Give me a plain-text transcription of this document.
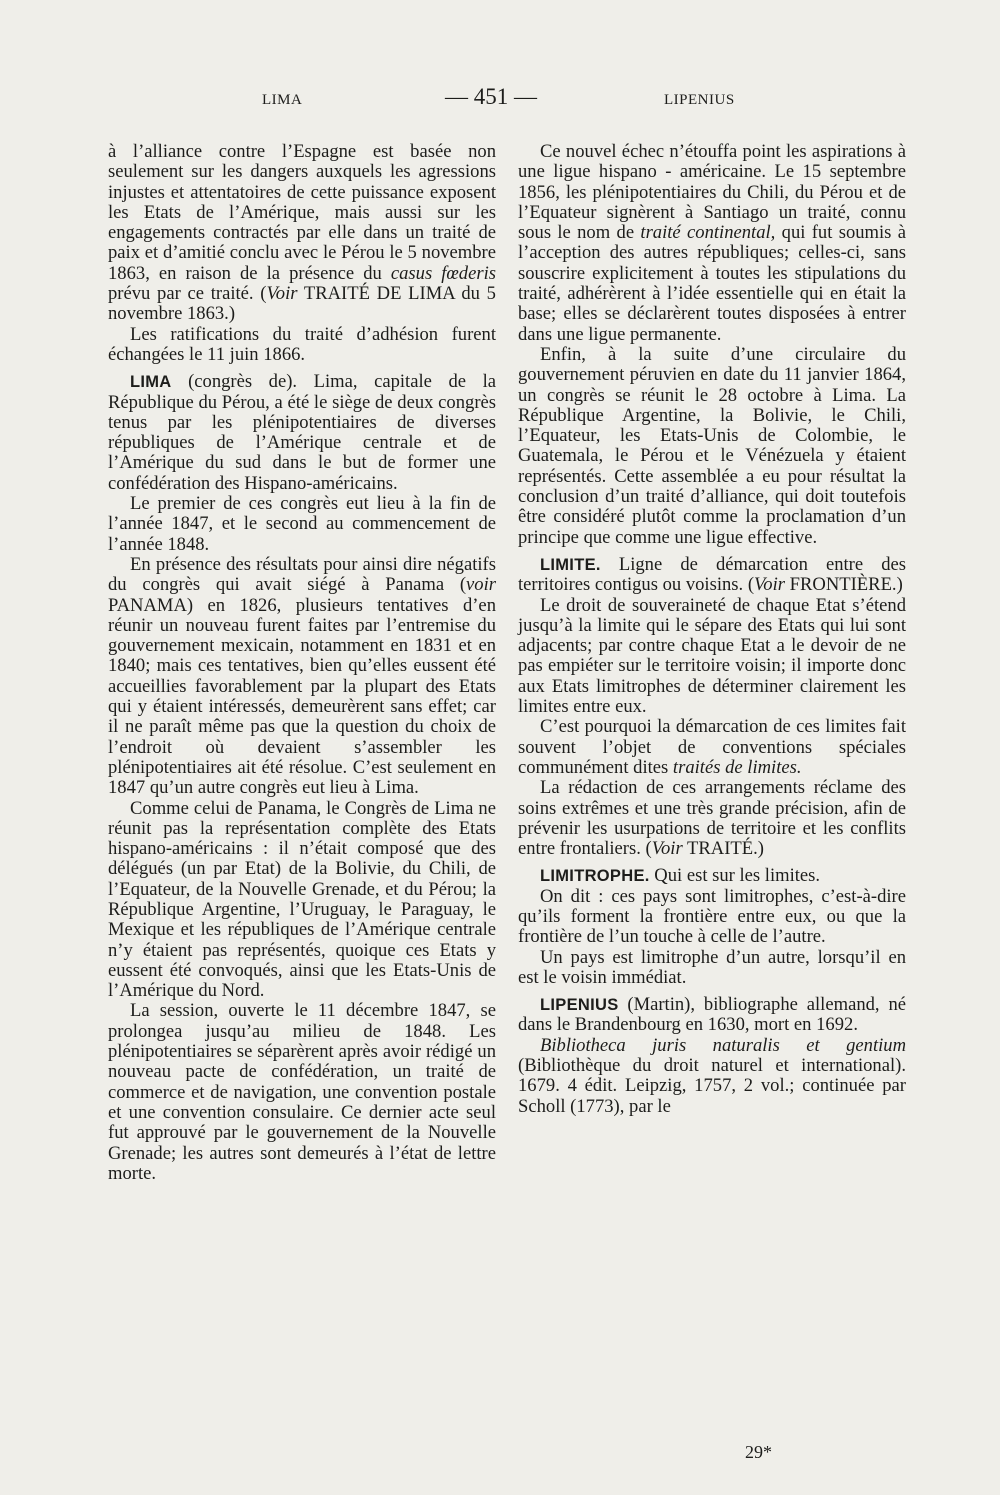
LIMA	— 451 —	LIPENIUS

à l’alliance contre l’Espagne est basée non seulement sur les dangers auxquels les agressions injustes et attentatoires de cette puissance exposent les Etats de l’Amérique, mais aussi sur les engagements contractés par elle dans un traité de paix et d’amitié conclu avec le Pérou le 5 novembre 1863, en raison de la présence du casus fœderis prévu par ce traité. (Voir TRAITÉ DE LIMA du 5 novembre 1863.)

Les ratifications du traité d’adhésion furent échangées le 11 juin 1866.

LIMA (congrès de). Lima, capitale de la République du Pérou, a été le siège de deux congrès tenus par les plénipotentiaires de diverses républiques de l’Amérique centrale et de l’Amérique du sud dans le but de former une confédération des Hispano-américains.

Le premier de ces congrès eut lieu à la fin de l’année 1847, et le second au commencement de l’année 1848.

En présence des résultats pour ainsi dire négatifs du congrès qui avait siégé à Panama (voir PANAMA) en 1826, plusieurs tentatives d’en réunir un nouveau furent faites par l’entremise du gouvernement mexicain, notamment en 1831 et en 1840; mais ces tentatives, bien qu’elles eussent été accueillies favorablement par la plupart des Etats qui y étaient intéressés, demeurèrent sans effet; car il ne paraît même pas que la question du choix de l’endroit où devaient s’assembler les plénipotentiaires ait été résolue. C’est seulement en 1847 qu’un autre congrès eut lieu à Lima.

Comme celui de Panama, le Congrès de Lima ne réunit pas la représentation complète des Etats hispano-américains : il n’était composé que des délégués (un par Etat) de la Bolivie, du Chili, de l’Equateur, de la Nouvelle Grenade, et du Pérou; la République Argentine, l’Uruguay, le Paraguay, le Mexique et les républiques de l’Amérique centrale n’y étaient pas représentés, quoique ces Etats y eussent été convoqués, ainsi que les Etats-Unis de l’Amérique du Nord.

La session, ouverte le 11 décembre 1847, se prolongea jusqu’au milieu de 1848. Les plénipotentiaires se séparèrent après avoir rédigé un nouveau pacte de confédération, un traité de commerce et de navigation, une convention postale et une convention consulaire. Ce dernier acte seul fut approuvé par le gouvernement de la Nouvelle Grenade; les autres sont demeurés à l’état de lettre morte.

Ce nouvel échec n’étouffa point les aspirations à une ligue hispano - américaine. Le 15 septembre 1856, les plénipotentiaires du Chili, du Pérou et de l’Equateur signèrent à Santiago un traité, connu sous le nom de traité continental, qui fut soumis à l’acception des autres républiques; celles-ci, sans souscrire explicitement à toutes les stipulations du traité, adhérèrent à l’idée essentielle qui en était la base; elles se déclarèrent toutes disposées à entrer dans une ligue permanente.

Enfin, à la suite d’une circulaire du gouvernement péruvien en date du 11 janvier 1864, un congrès se réunit le 28 octobre à Lima. La République Argentine, la Bolivie, le Chili, l’Equateur, les Etats-Unis de Colombie, le Guatemala, le Pérou et le Vénézuela y étaient représentés. Cette assemblée a eu pour résultat la conclusion d’un traité d’alliance, qui doit toutefois être considéré plutôt comme la proclamation d’un principe que comme une ligue effective.

LIMITE. Ligne de démarcation entre des territoires contigus ou voisins. (Voir FRONTIÈRE.)

Le droit de souveraineté de chaque Etat s’étend jusqu’à la limite qui le sépare des Etats qui lui sont adjacents; par contre chaque Etat a le devoir de ne pas empiéter sur le territoire voisin; il importe donc aux Etats limitrophes de déterminer clairement les limites entre eux.

C’est pourquoi la démarcation de ces limites fait souvent l’objet de conventions spéciales communément dites traités de limites.

La rédaction de ces arrangements réclame des soins extrêmes et une très grande précision, afin de prévenir les usurpations de territoire et les conflits entre frontaliers. (Voir TRAITÉ.)

LIMITROPHE. Qui est sur les limites.

On dit : ces pays sont limitrophes, c’est-à-dire qu’ils forment la frontière entre eux, ou que la frontière de l’un touche à celle de l’autre.

Un pays est limitrophe d’un autre, lorsqu’il en est le voisin immédiat.

LIPENIUS (Martin), bibliographe allemand, né dans le Brandenbourg en 1630, mort en 1692.

Bibliotheca juris naturalis et gentium (Bibliothèque du droit naturel et international). 1679. 4 édit. Leipzig, 1757, 2 vol.; continuée par Scholl (1773), par le

29*
